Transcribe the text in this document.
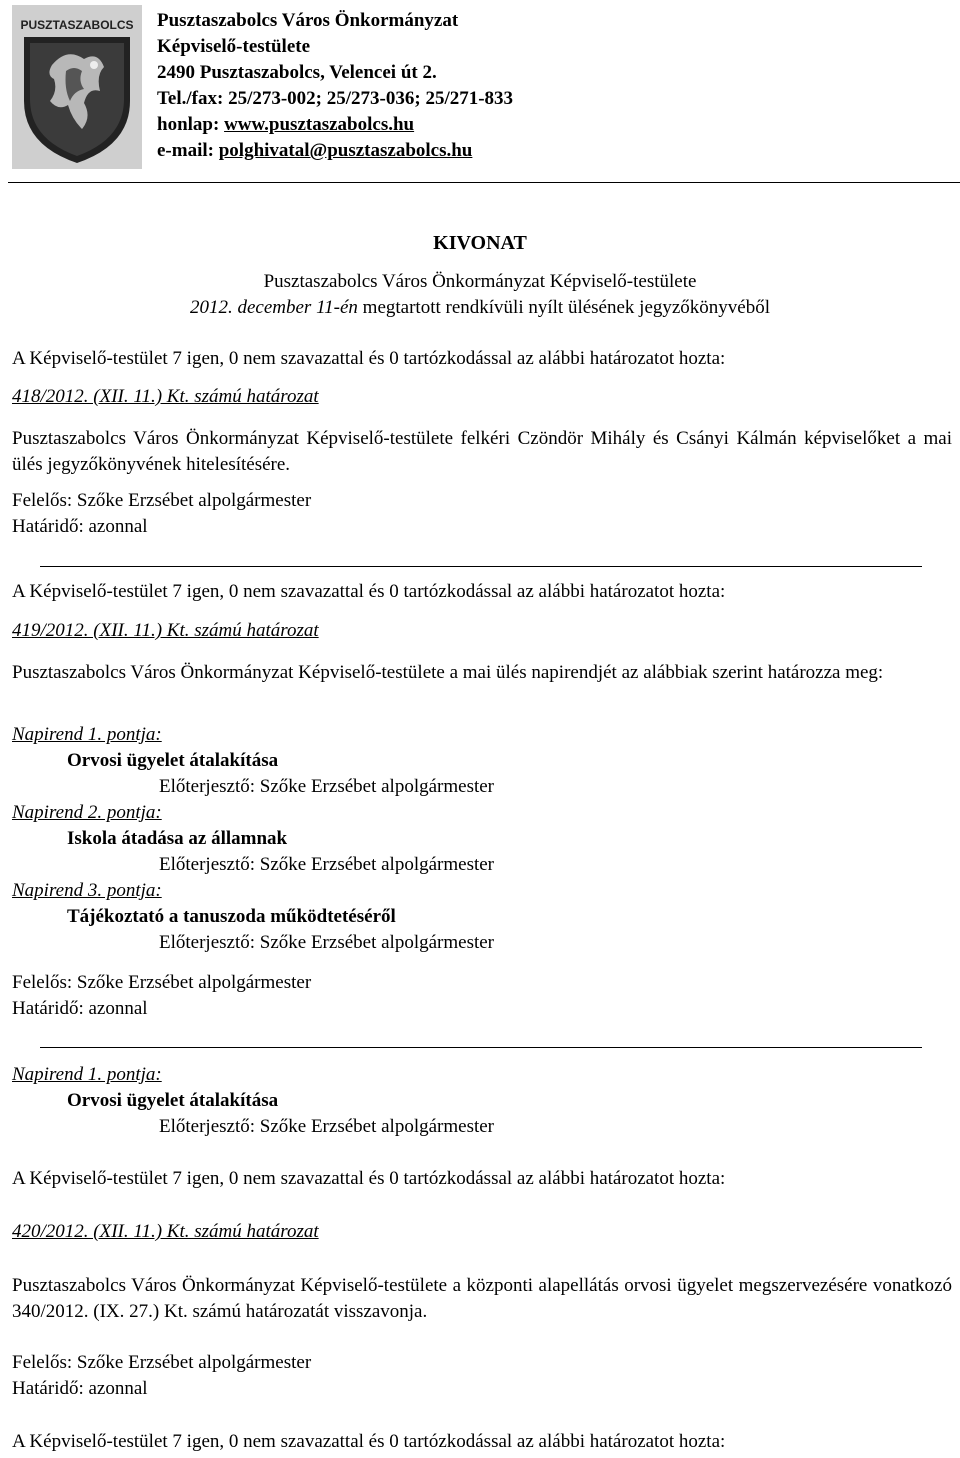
PUSZTASZABOLCS Pusztaszabolcs Város Önkormányzat
Képviselő-testülete
2490 Pusztaszabolcs, Velencei út 2.
Tel./fax: 25/273-002; 25/273-036; 25/271-833
honlap: www.pusztaszabolcs.hu
e-mail: polghivatal@pusztaszabolcs.hu
KIVONAT
Pusztaszabolcs Város Önkormányzat Képviselő-testülete
2012. december 11-én megtartott rendkívüli nyílt ülésének jegyzőkönyvéből
A Képviselő-testület 7 igen, 0 nem szavazattal és 0 tartózkodással az alábbi határozatot hozta:
418/2012. (XII. 11.) Kt. számú határozat
Pusztaszabolcs Város Önkormányzat Képviselő-testülete felkéri Czöndör Mihály és Csányi Kálmán képviselőket a mai ülés jegyzőkönyvének hitelesítésére.
Felelős: Szőke Erzsébet alpolgármester
Határidő: azonnal
A Képviselő-testület 7 igen, 0 nem szavazattal és 0 tartózkodással az alábbi határozatot hozta:
419/2012. (XII. 11.) Kt. számú határozat
Pusztaszabolcs Város Önkormányzat Képviselő-testülete a mai ülés napirendjét az alábbiak szerint határozza meg:
Napirend 1. pontja:
Orvosi ügyelet átalakítása
Előterjesztő: Szőke Erzsébet alpolgármester
Napirend 2. pontja:
Iskola átadása az államnak
Előterjesztő: Szőke Erzsébet alpolgármester
Napirend 3. pontja:
Tájékoztató a tanuszoda működtetéséről
Előterjesztő: Szőke Erzsébet alpolgármester
Felelős: Szőke Erzsébet alpolgármester
Határidő: azonnal
Napirend 1. pontja:
Orvosi ügyelet átalakítása
Előterjesztő: Szőke Erzsébet alpolgármester
A Képviselő-testület 7 igen, 0 nem szavazattal és 0 tartózkodással az alábbi határozatot hozta:
420/2012. (XII. 11.) Kt. számú határozat
Pusztaszabolcs Város Önkormányzat Képviselő-testülete a központi alapellátás orvosi ügyelet megszervezésére vonatkozó 340/2012. (IX. 27.) Kt. számú határozatát visszavonja.
Felelős: Szőke Erzsébet alpolgármester
Határidő: azonnal
A Képviselő-testület 7 igen, 0 nem szavazattal és 0 tartózkodással az alábbi határozatot hozta:
